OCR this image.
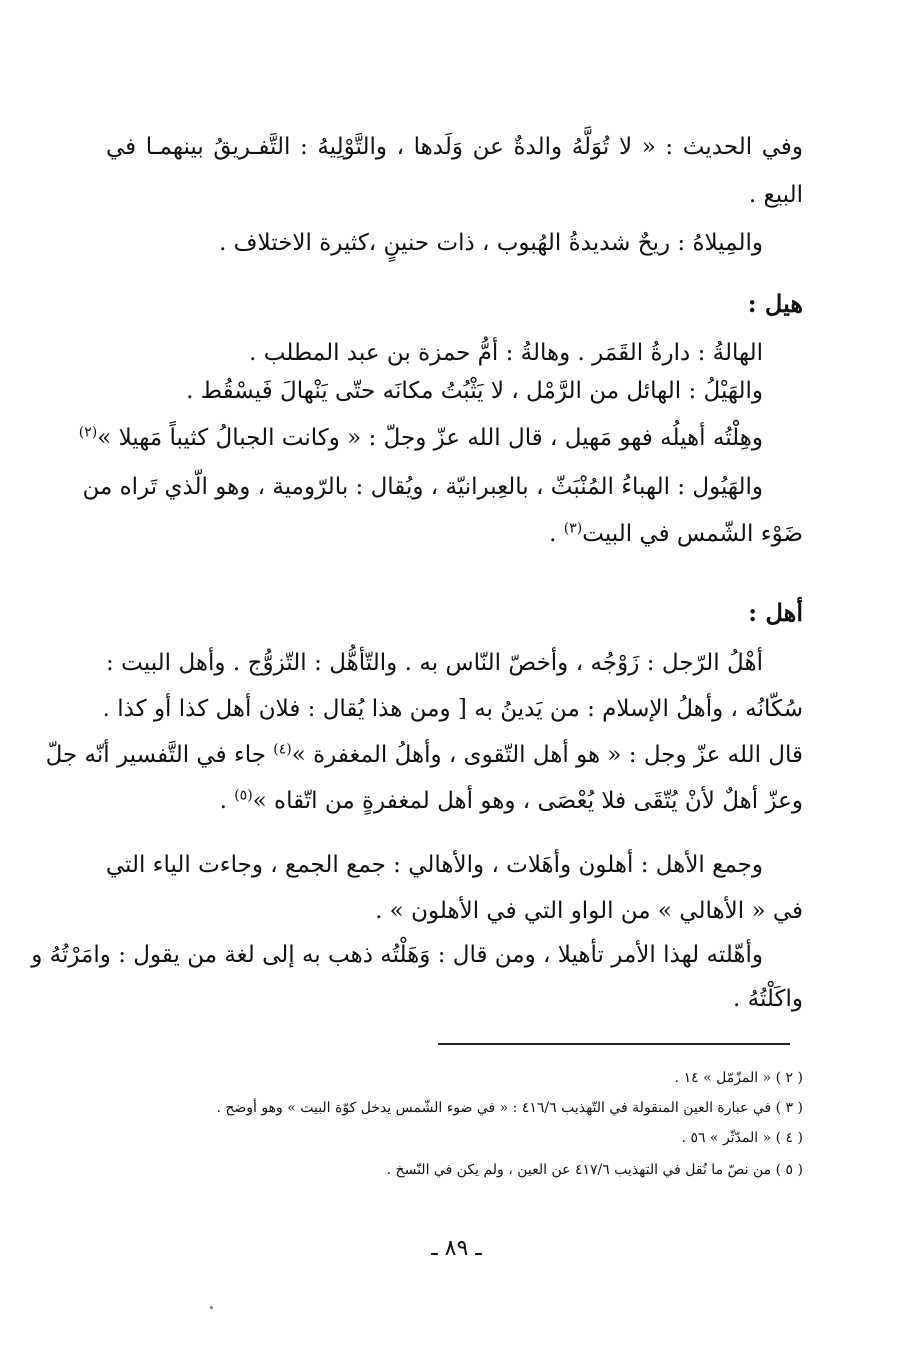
وفي الحديث : « لا تُوَلَّهُ والدةٌ عن وَلَدها ، والتَّوْلِيهُ : التَّفـريقُ بينهمـا في
البيع .
والمِيلاهُ : ريحٌ شديدةُ الهُبوب ، ذات حنينٍ ،كثيرة الاختلاف .
هيل :
الهالةُ : دارةُ القَمَر . وهالةُ : أمُّ حمزة بن عبد المطلب .
والهَيْلُ : الهائل من الرَّمْل ، لا يَثْبُتُ مكانَه حتّى يَنْهالَ فَيسْقُط .
وهِلْتُه أهيلُه فهو مَهيل ، قال الله عزّ وجلّ : « وكانت الجبالُ كثيباً مَهيلا »$^{(٢)}$
والهَيُول : الهباءُ المُنْبَثّ ، بالعِبرانيّة ، ويُقال : بالرّومية ، وهو الّذي تَراه من
ضَوْء الشّمس في البيت$^{(٣)}$ .
أهل :
أهْلُ الرّجل : زَوْجُه ، وأخصّ النّاس به . والتّأهُّل : التّزوُّج . وأهل البيت :
سُكّانُه ، وأهلُ الإسلام : من يَدينُ به [ ومن هذا يُقال : فلان أهل كذا أو كذا .
قال الله عزّ وجل : « هو أهل التّقوى ، وأهلُ المغفرة »$^{(٤)}$ جاء في التَّفسير أنّه جلّ
وعزّ أهلٌ لأنْ يُتّقَى فلا يُعْصَى ، وهو أهل لمغفرةٍ من اتّقاه »$^{(٥)}$ .
وجمع الأهل : أهلون وأهَلات ، والأهالي : جمع الجمع ، وجاءت الياء التي
في « الأهالي » من الواو التي في الأهلون » .
وأهّلته لهذا الأمر تأهيلا ، ومن قال : وَهَلْتُه ذهب به إلى لغة من يقول : وامَرْتُهُ و
واكَلْتُهُ .
( ٢ ) « المزّمّل » ١٤ .
( ٣ ) في عبارة العين المنقولة في التّهذيب ٤١٦/٦ : « في ضوء الشّمس يدخل كوّة البيت » وهو أوضح .
( ٤ ) « المدّثّر » ٥٦ .
( ٥ ) من نصّ ما نُقل في التهذيب ٤١٧/٦ عن العين ، ولم يكن في النّسخ .
ـ ٨٩ ـ
